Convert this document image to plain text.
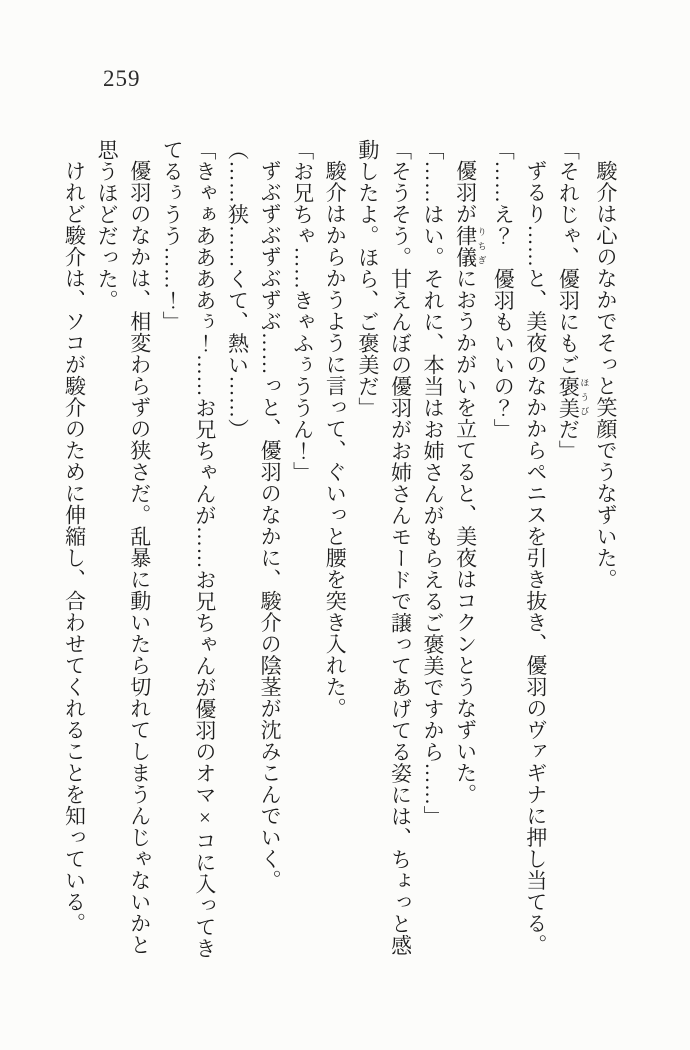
259

駿介は心のなかでそっと笑顔でうなずいた。

「それじゃ、優羽にもご褒美 ほうびだ」

ずるり……と、美夜のなかからペニスを引き抜き、優羽のヴァギナに押し当てる。

「……え？　優羽もいいの？」

優羽が律儀 りちぎにおうかがいを立てると、美夜はコクンとうなずいた。

「……はい。それに、本当はお姉さんがもらえるご褒美ですから……」

「そうそう。甘えんぼの優羽がお姉さんモードで譲ってあげてる姿には、ちょっと感

動したよ。ほら、ご褒美だ」

駿介はからかうように言って、ぐいっと腰を突き入れた。

「お兄ちゃ……きゃふぅううん！」

ずぶずぶずぶずぶ……っと、優羽のなかに、駿介の陰茎が沈みこんでいく。

（……狭……くて、熱い……）

「きゃぁああああぅ！……お兄ちゃんが……お兄ちゃんが優羽のオマ×コに入ってき

てるぅうう……！」

優羽のなかは、相変わらずの狭さだ。乱暴に動いたら切れてしまうんじゃないかと

思うほどだった。

けれど駿介は、ソコが駿介のために伸縮し、合わせてくれることを知っている。
